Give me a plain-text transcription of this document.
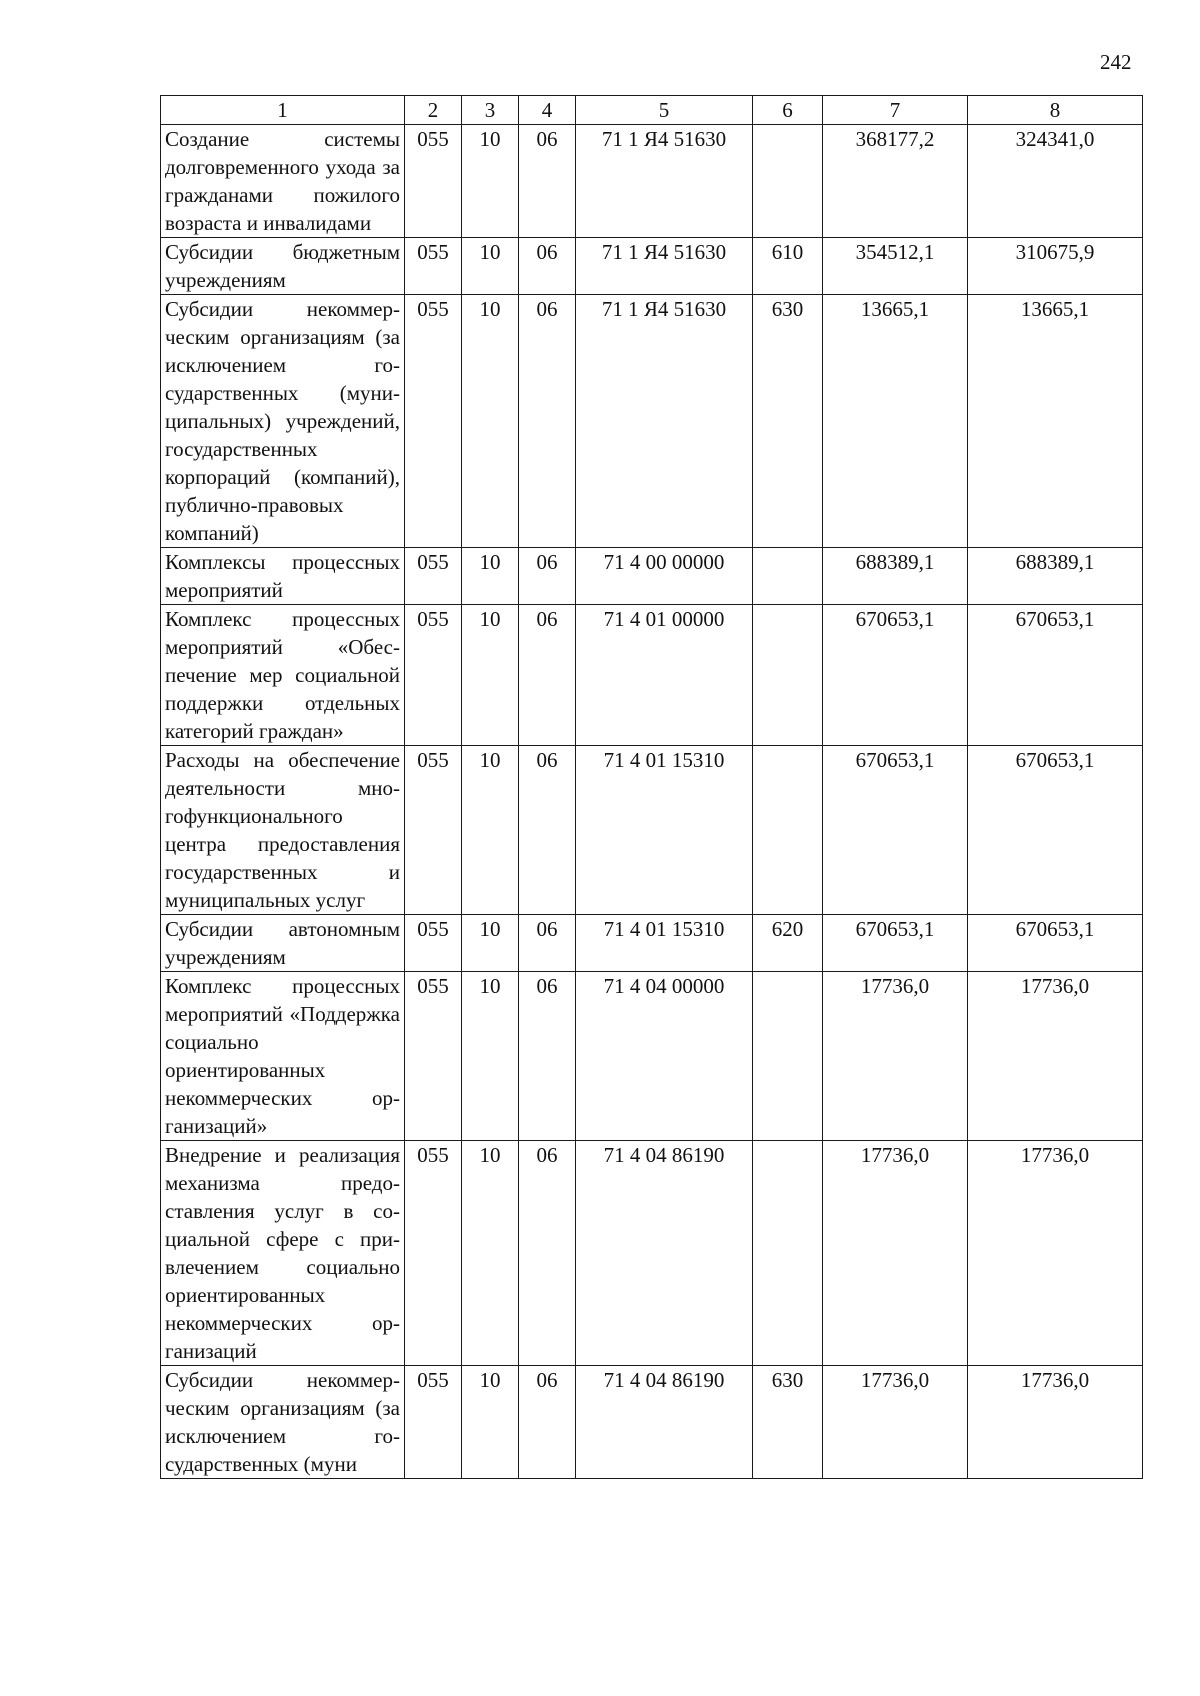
242
1	2	3	4	5	6	7	8
Создание системы долговременного ухода за гражданами пожилого возраста и инвалидами	055	10	06	71 1 Я4 51630		368177,2	324341,0
Субсидии бюджетным учреждениям	055	10	06	71 1 Я4 51630	610	354512,1	310675,9
Субсидии некоммерческим организациям (за исключением государственных (муниципальных) учреждений, государственных корпораций (компаний), публично-правовых компаний)	055	10	06	71 1 Я4 51630	630	13665,1	13665,1
Комплексы процессных мероприятий	055	10	06	71 4 00 00000		688389,1	688389,1
Комплекс процессных мероприятий «Обеспечение мер социальной поддержки отдельных категорий граждан»	055	10	06	71 4 01 00000		670653,1	670653,1
Расходы на обеспечение деятельности многофункционального центра предоставления государственных и муниципальных услуг	055	10	06	71 4 01 15310		670653,1	670653,1
Субсидии автономным учреждениям	055	10	06	71 4 01 15310	620	670653,1	670653,1
Комплекс процессных мероприятий «Поддержка социально ориентированных некоммерческих организаций»	055	10	06	71 4 04 00000		17736,0	17736,0
Внедрение и реализация механизма предоставления услуг в социальной сфере с привлечением социально ориентированных некоммерческих организаций	055	10	06	71 4 04 86190		17736,0	17736,0
Субсидии некоммерческим организациям (за исключением государственных (муни	055	10	06	71 4 04 86190	630	17736,0	17736,0
